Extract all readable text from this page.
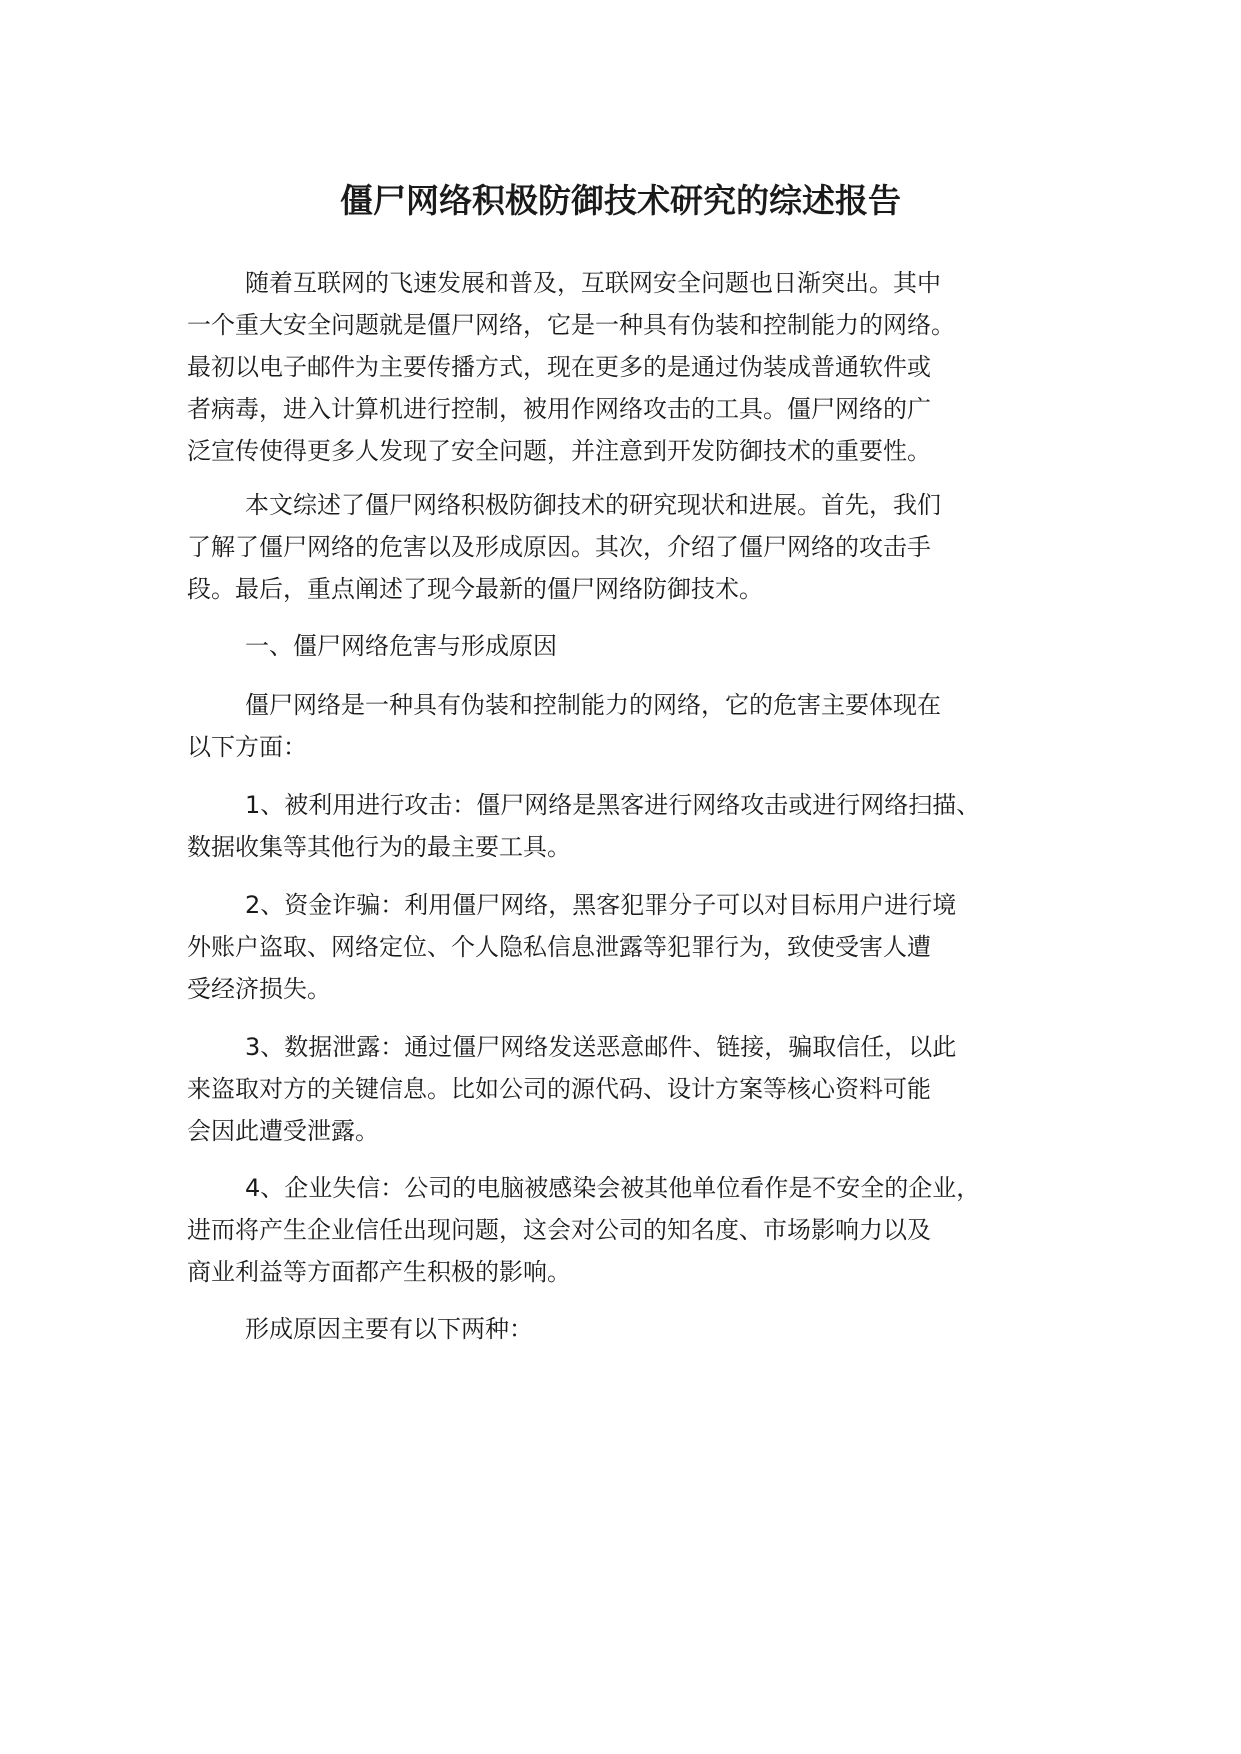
僵尸网络积极防御技术研究的综述报告
随着互联网的飞速发展和普及，互联网安全问题也日渐突出。其中
一个重大安全问题就是僵尸网络，它是一种具有伪装和控制能力的网络。
最初以电子邮件为主要传播方式，现在更多的是通过伪装成普通软件或
者病毒，进入计算机进行控制，被用作网络攻击的工具。僵尸网络的广
泛宣传使得更多人发现了安全问题，并注意到开发防御技术的重要性。
本文综述了僵尸网络积极防御技术的研究现状和进展。首先，我们
了解了僵尸网络的危害以及形成原因。其次，介绍了僵尸网络的攻击手
段。最后，重点阐述了现今最新的僵尸网络防御技术。
一、僵尸网络危害与形成原因
僵尸网络是一种具有伪装和控制能力的网络，它的危害主要体现在
以下方面：
1、被利用进行攻击：僵尸网络是黑客进行网络攻击或进行网络扫描、
数据收集等其他行为的最主要工具。
2、资金诈骗：利用僵尸网络，黑客犯罪分子可以对目标用户进行境
外账户盗取、网络定位、个人隐私信息泄露等犯罪行为，致使受害人遭
受经济损失。
3、数据泄露：通过僵尸网络发送恶意邮件、链接，骗取信任，以此
来盗取对方的关键信息。比如公司的源代码、设计方案等核心资料可能
会因此遭受泄露。
4、企业失信：公司的电脑被感染会被其他单位看作是不安全的企业，
进而将产生企业信任出现问题，这会对公司的知名度、市场影响力以及
商业利益等方面都产生积极的影响。
形成原因主要有以下两种：
